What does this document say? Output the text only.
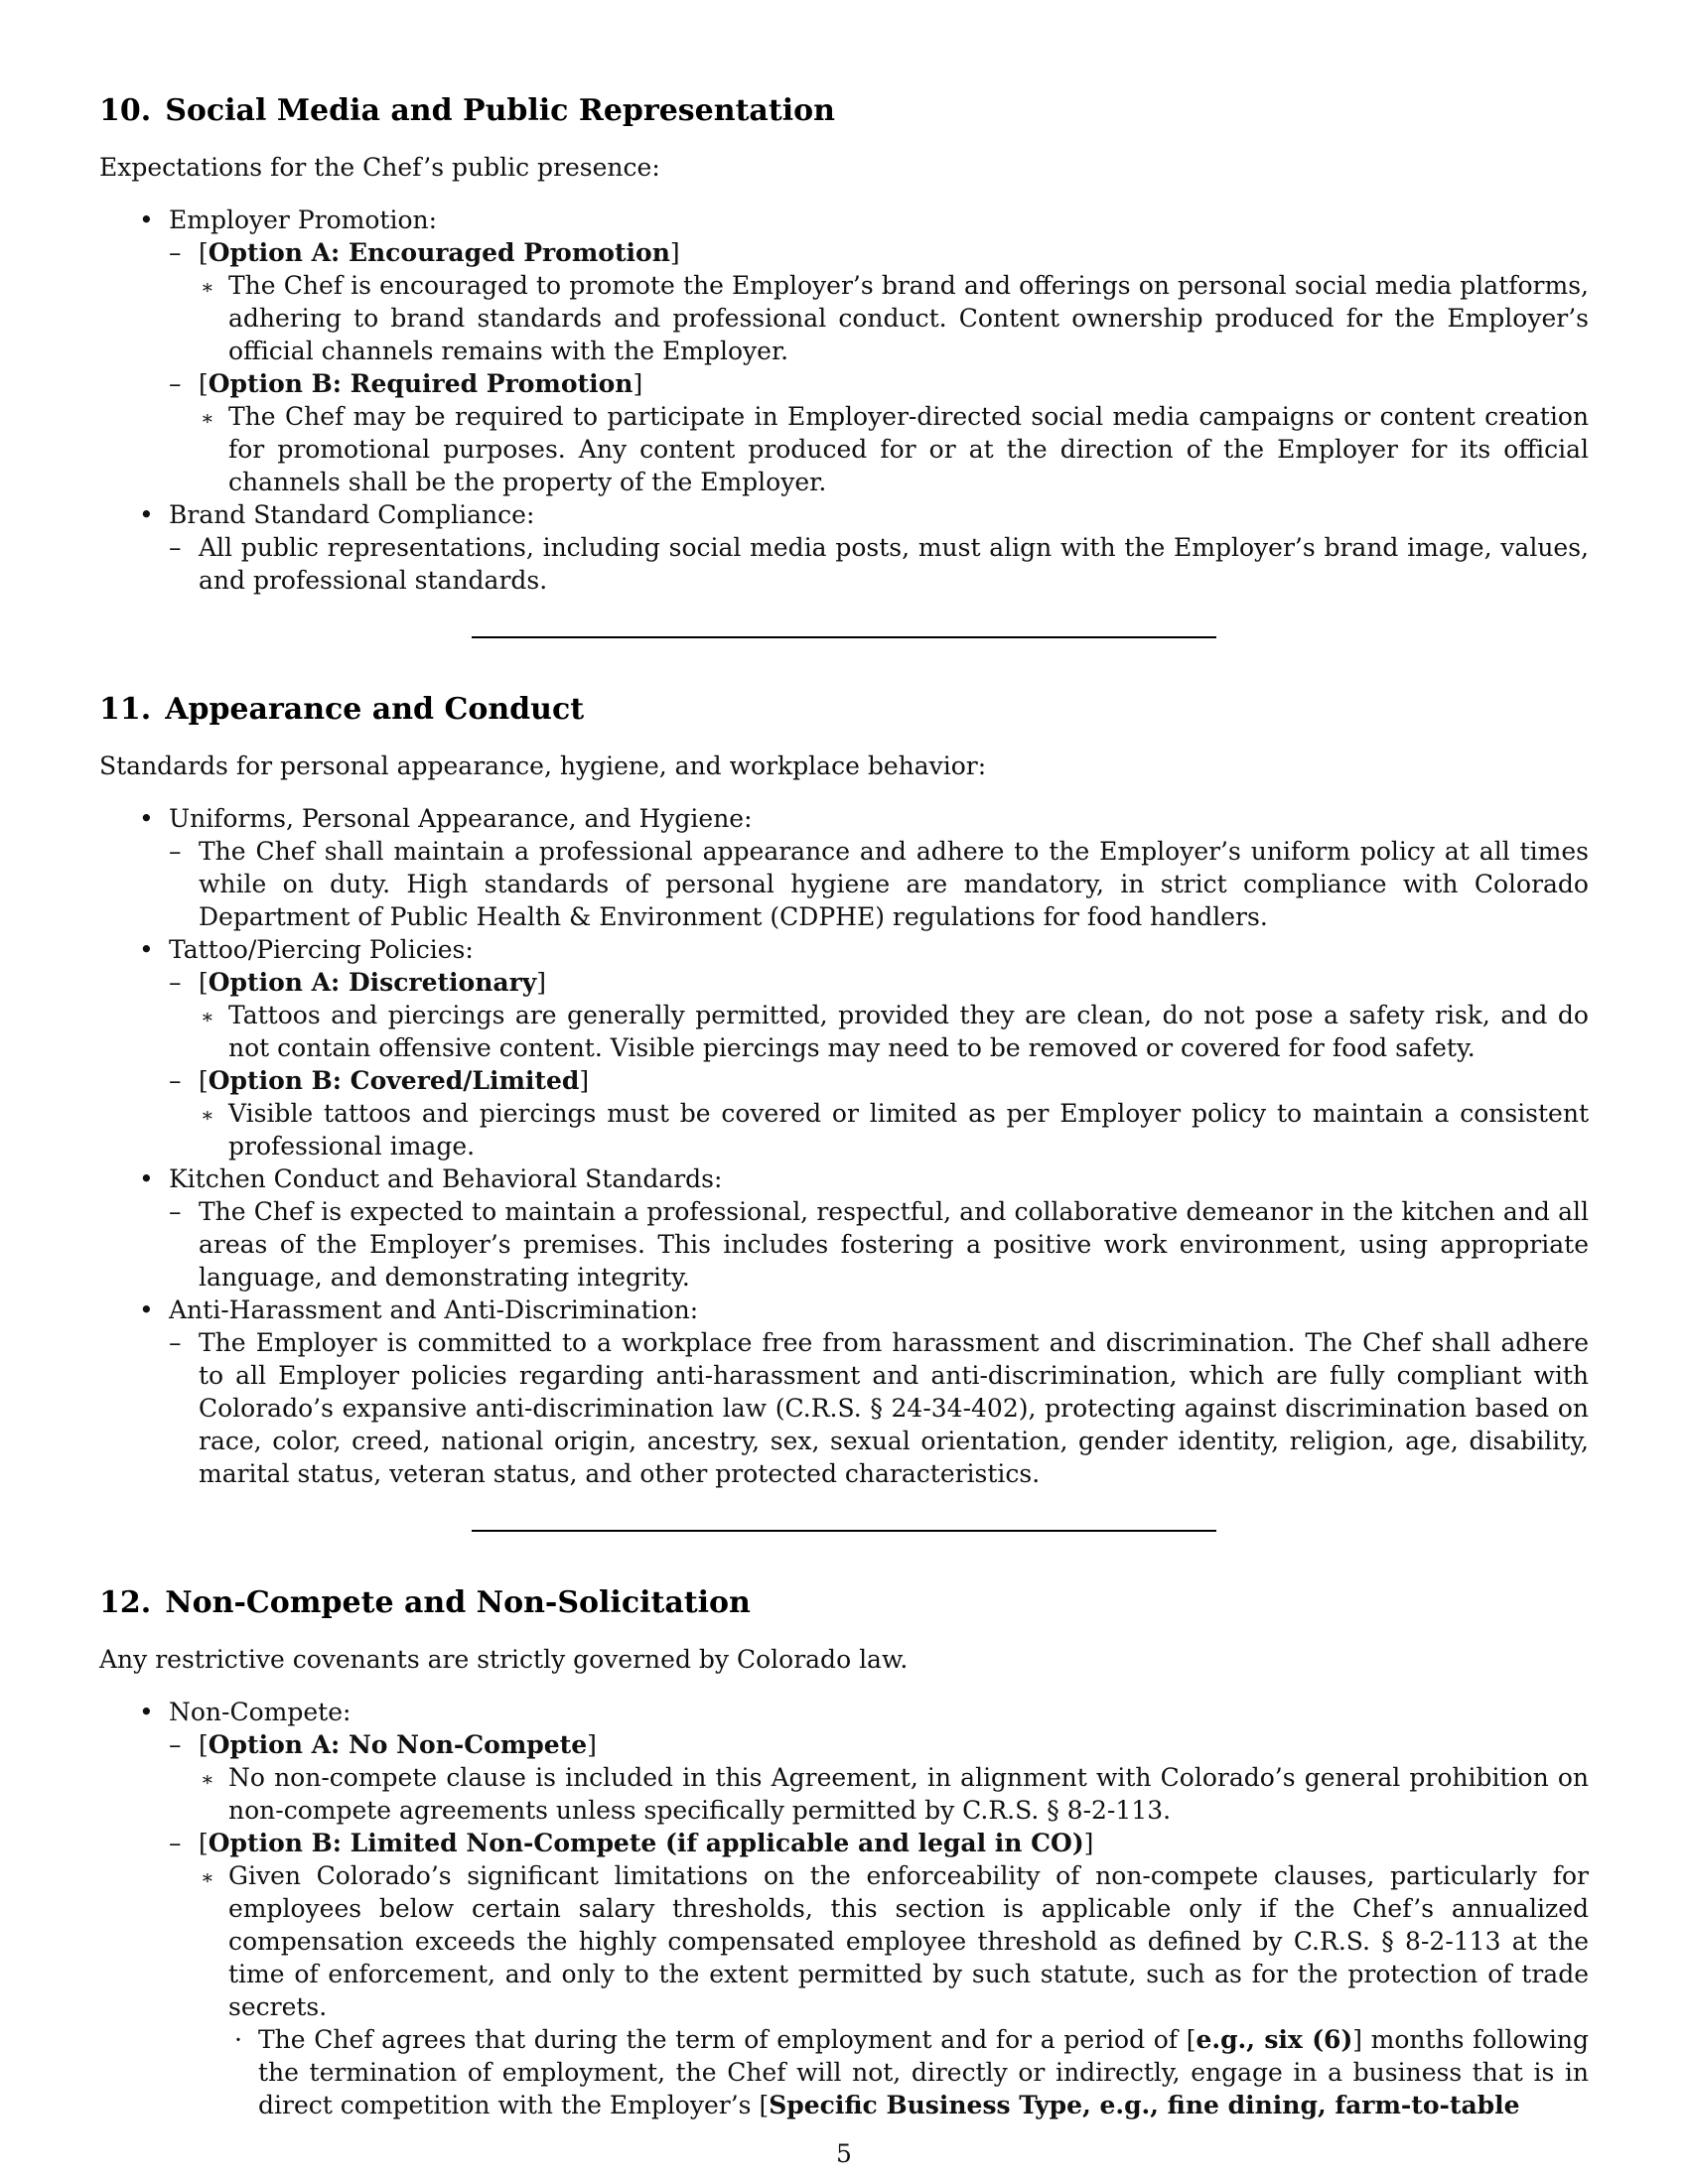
10. Social Media and Public Representation

Expectations for the Chef’s public presence:

• Employer Promotion:
– [Option A: Encouraged Promotion]
∗ The Chef is encouraged to promote the Employer’s brand and offerings on personal social media platforms, adhering to brand standards and professional conduct. Content ownership produced for the Employer’s official channels remains with the Employer.
– [Option B: Required Promotion]
∗ The Chef may be required to participate in Employer-directed social media campaigns or content creation for promotional purposes. Any content produced for or at the direction of the Employer for its official channels shall be the property of the Employer.
• Brand Standard Compliance:
– All public representations, including social media posts, must align with the Employer’s brand image, values, and professional standards.
11. Appearance and Conduct

Standards for personal appearance, hygiene, and workplace behavior:

• Uniforms, Personal Appearance, and Hygiene:
– The Chef shall maintain a professional appearance and adhere to the Employer’s uniform policy at all times while on duty. High standards of personal hygiene are mandatory, in strict compliance with Colorado Department of Public Health & Environment (CDPHE) regulations for food handlers.
• Tattoo/Piercing Policies:
– [Option A: Discretionary]
∗ Tattoos and piercings are generally permitted, provided they are clean, do not pose a safety risk, and do not contain offensive content. Visible piercings may need to be removed or covered for food safety.
– [Option B: Covered/Limited]
∗ Visible tattoos and piercings must be covered or limited as per Employer policy to maintain a consistent professional image.
• Kitchen Conduct and Behavioral Standards:
– The Chef is expected to maintain a professional, respectful, and collaborative demeanor in the kitchen and all areas of the Employer’s premises. This includes fostering a positive work environment, using appropriate language, and demonstrating integrity.
• Anti-Harassment and Anti-Discrimination:
– The Employer is committed to a workplace free from harassment and discrimination. The Chef shall adhere to all Employer policies regarding anti-harassment and anti-discrimination, which are fully compliant with Colorado’s expansive anti-discrimination law (C.R.S. § 24-34-402), protecting against discrimination based on race, color, creed, national origin, ancestry, sex, sexual orientation, gender identity, religion, age, disability, marital status, veteran status, and other protected characteristics.
12. Non-Compete and Non-Solicitation

Any restrictive covenants are strictly governed by Colorado law.

• Non-Compete:
– [Option A: No Non-Compete]
∗ No non-compete clause is included in this Agreement, in alignment with Colorado’s general prohibition on non-compete agreements unless specifically permitted by C.R.S. § 8-2-113.
– [Option B: Limited Non-Compete (if applicable and legal in CO)]
∗ Given Colorado’s significant limitations on the enforceability of non-compete clauses, particularly for employees below certain salary thresholds, this section is applicable only if the Chef’s annualized compensation exceeds the highly compensated employee threshold as defined by C.R.S. § 8-2-113 at the time of enforcement, and only to the extent permitted by such statute, such as for the protection of trade secrets.
· The Chef agrees that during the term of employment and for a period of [e.g., six (6)] months following the termination of employment, the Chef will not, directly or indirectly, engage in a business that is in direct competition with the Employer’s [Specific Business Type, e.g., fine dining, farm-to-table
5
